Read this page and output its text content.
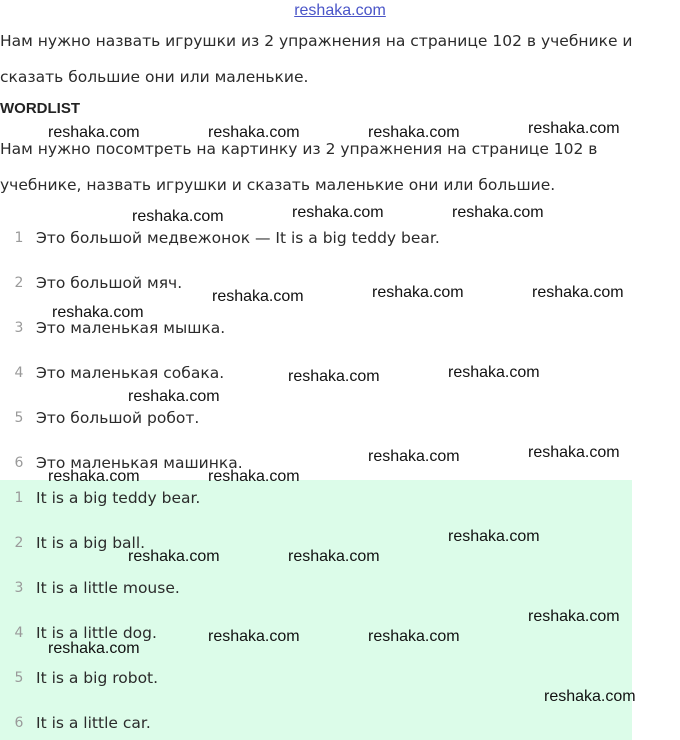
reshaka.com
Нам нужно назвать игрушки из 2 упражнения на странице 102 в учебнике и
сказать большие они или маленькие.
WORDLIST
Нам нужно посомтреть на картинку из 2 упражнения на странице 102 в
учебнике, назвать игрушки и сказать маленькие они или большие.
1 Это большой медвежонок — It is a big teddy bear.
2 Это большой мяч.
3 Это маленькая мышка.
4 Это маленькая собака.
5 Это большой робот.
6 Это маленькая машинка.
1 It is a big teddy bear.
2 It is a big ball.
3 It is a little mouse.
4 It is a little dog.
5 It is a big robot.
6 It is a little car.
reshaka.com	reshaka.com	reshaka.com	reshaka.com
reshaka.com	reshaka.com	reshaka.com
reshaka.com	reshaka.com	reshaka.com
reshaka.com
reshaka.com	reshaka.com
reshaka.com
reshaka.com	reshaka.com
reshaka.com	reshaka.com
reshaka.com
reshaka.com	reshaka.com
reshaka.com
reshaka.com	reshaka.com
reshaka.com
reshaka.com
